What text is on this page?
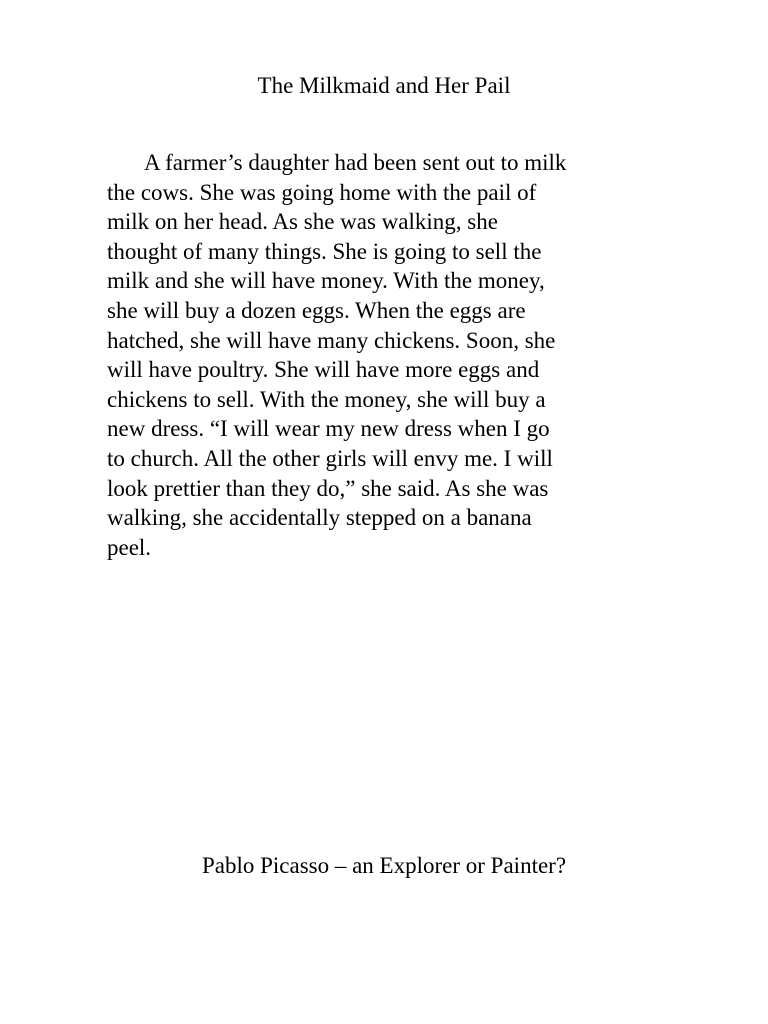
The Milkmaid and Her Pail
A farmer’s daughter had been sent out to milk
the cows. She was going home with the pail of
milk on her head. As she was walking, she
thought of many things. She is going to sell the
milk and she will have money. With the money,
she will buy a dozen eggs. When the eggs are
hatched, she will have many chickens. Soon, she
will have poultry. She will have more eggs and
chickens to sell. With the money, she will buy a
new dress. “I will wear my new dress when I go
to church. All the other girls will envy me. I will
look prettier than they do,” she said. As she was
walking, she accidentally stepped on a banana
peel.
Pablo Picasso – an Explorer or Painter?
